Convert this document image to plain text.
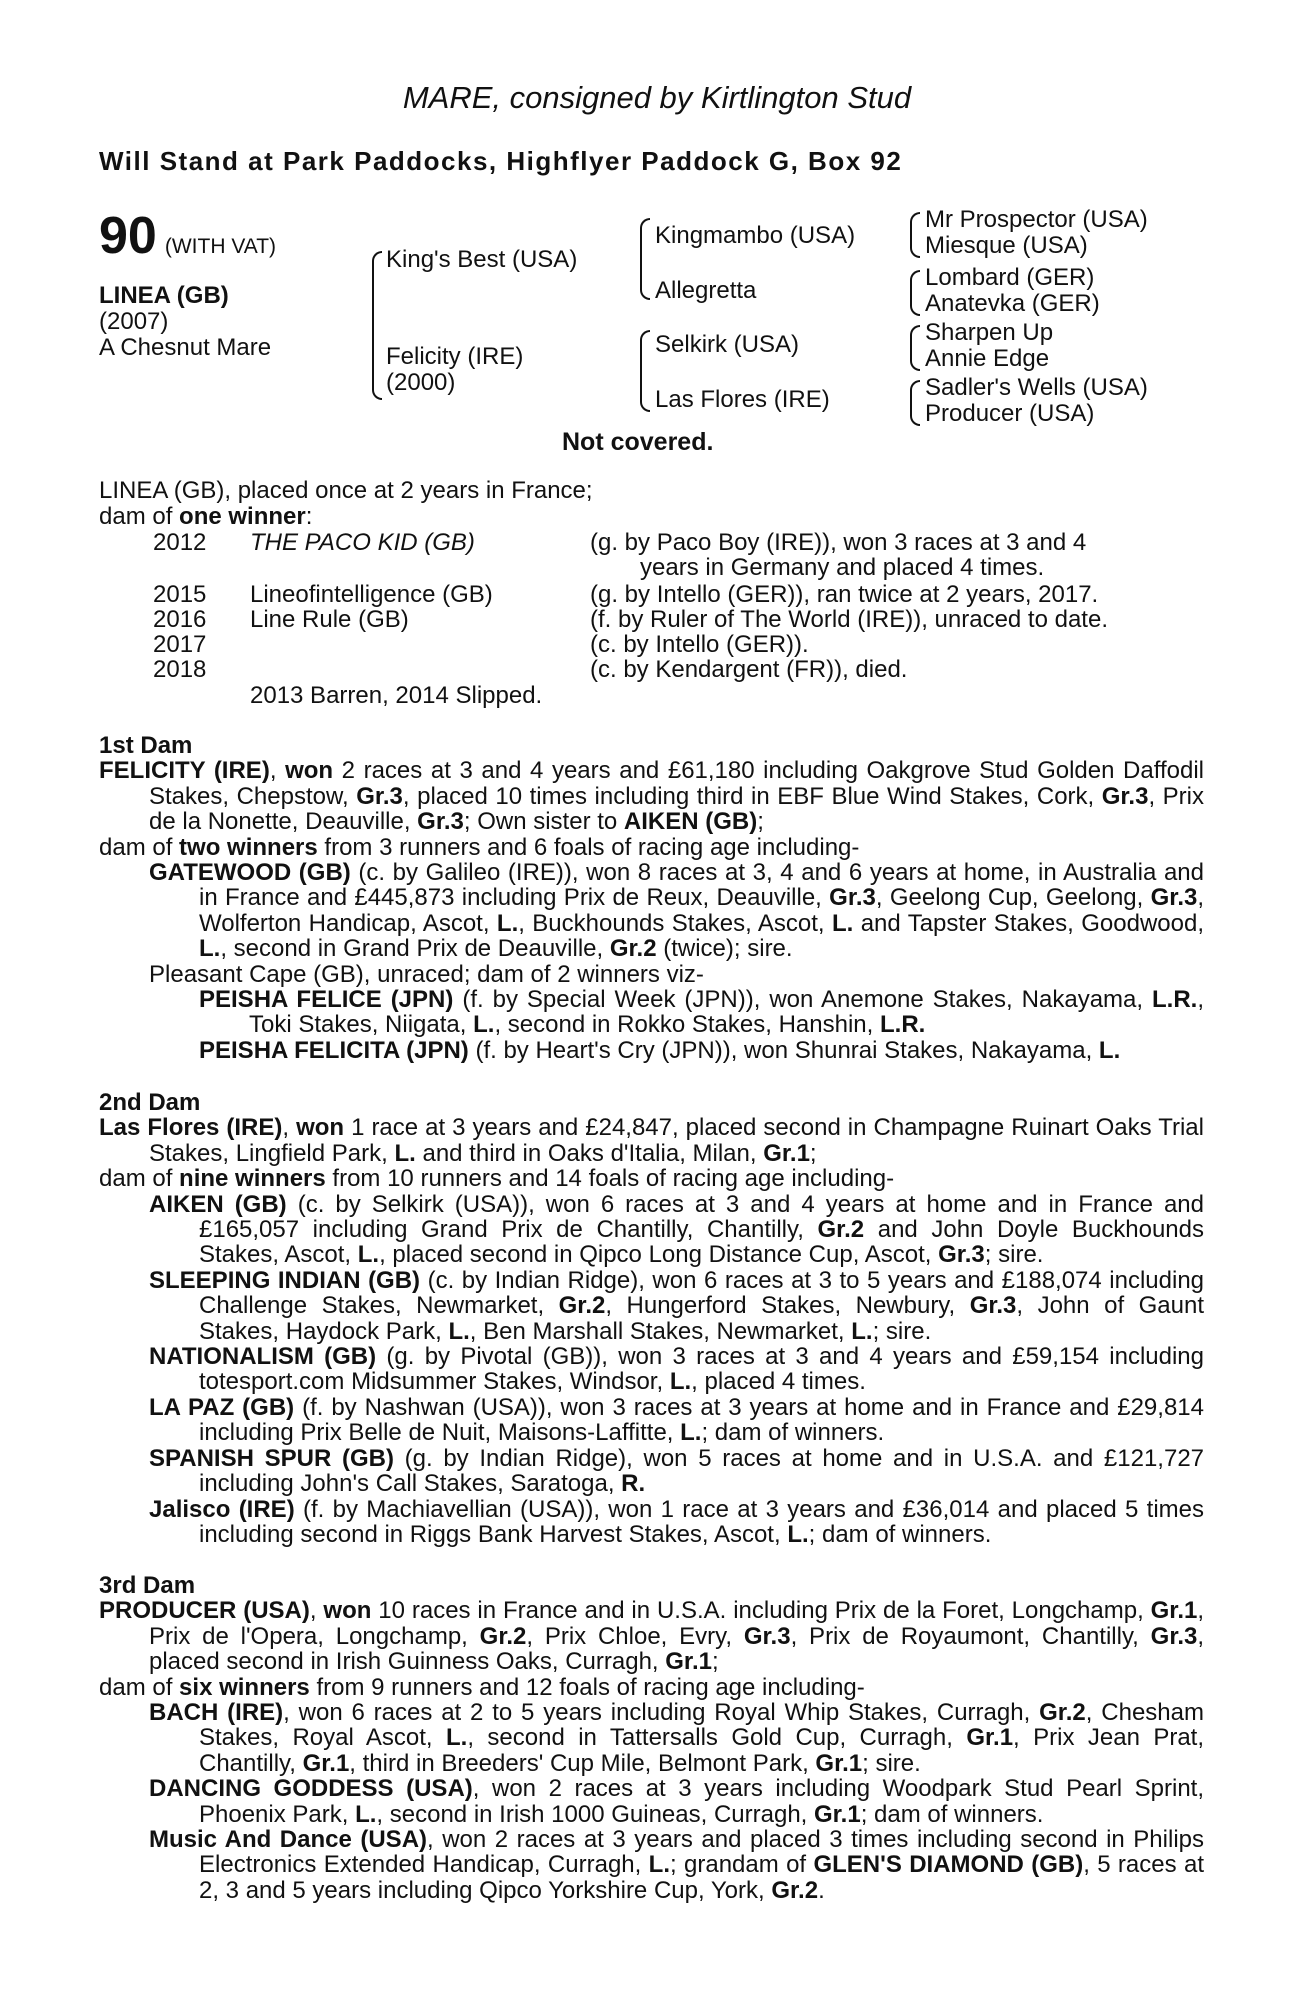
MARE, consigned by Kirtlington Stud
Will Stand at Park Paddocks, Highflyer Paddock G, Box 92
90 (WITH VAT)
LINEA (GB)
(2007)
A Chesnut Mare
King's Best (USA)
Felicity (IRE)
(2000)
Kingmambo (USA)
Allegretta
Selkirk (USA)
Las Flores (IRE)
Mr Prospector (USA)
Miesque (USA)
Lombard (GER)
Anatevka (GER)
Sharpen Up
Annie Edge
Sadler's Wells (USA)
Producer (USA)
Not covered.
LINEA (GB), placed once at 2 years in France;
dam of one winner:
2012 THE PACO KID (GB)	(g. by Paco Boy (IRE)), won 3 races at 3 and 4
years in Germany and placed 4 times.
2015 Lineofintelligence (GB)	(g. by Intello (GER)), ran twice at 2 years, 2017.
2016 Line Rule (GB)	(f. by Ruler of The World (IRE)), unraced to date.
2017	(c. by Intello (GER)).
2018	(c. by Kendargent (FR)), died.
2013 Barren, 2014 Slipped.

1st Dam

FELICITY (IRE), won 2 races at 3 and 4 years and £61,180 including Oakgrove Stud Golden Daffodil Stakes, Chepstow, Gr.3, placed 10 times including third in EBF Blue Wind Stakes, Cork, Gr.3, Prix de la Nonette, Deauville, Gr.3; Own sister to AIKEN (GB);

dam of two winners from 3 runners and 6 foals of racing age including-

GATEWOOD (GB) (c. by Galileo (IRE)), won 8 races at 3, 4 and 6 years at home, in Australia and in France and £445,873 including Prix de Reux, Deauville, Gr.3, Geelong Cup, Geelong, Gr.3, Wolferton Handicap, Ascot, L., Buckhounds Stakes, Ascot, L. and Tapster Stakes, Goodwood, L., second in Grand Prix de Deauville, Gr.2 (twice); sire.

Pleasant Cape (GB), unraced; dam of 2 winners viz-

PEISHA FELICE (JPN) (f. by Special Week (JPN)), won Anemone Stakes, Nakayama, L.R., Toki Stakes, Niigata, L., second in Rokko Stakes, Hanshin, L.R.

PEISHA FELICITA (JPN) (f. by Heart's Cry (JPN)), won Shunrai Stakes, Nakayama, L.

2nd Dam

Las Flores (IRE), won 1 race at 3 years and £24,847, placed second in Champagne Ruinart Oaks Trial Stakes, Lingfield Park, L. and third in Oaks d'Italia, Milan, Gr.1;

dam of nine winners from 10 runners and 14 foals of racing age including-

AIKEN (GB) (c. by Selkirk (USA)), won 6 races at 3 and 4 years at home and in France and £165,057 including Grand Prix de Chantilly, Chantilly, Gr.2 and John Doyle Buckhounds Stakes, Ascot, L., placed second in Qipco Long Distance Cup, Ascot, Gr.3; sire.

SLEEPING INDIAN (GB) (c. by Indian Ridge), won 6 races at 3 to 5 years and £188,074 including Challenge Stakes, Newmarket, Gr.2, Hungerford Stakes, Newbury, Gr.3, John of Gaunt Stakes, Haydock Park, L., Ben Marshall Stakes, Newmarket, L.; sire.

NATIONALISM (GB) (g. by Pivotal (GB)), won 3 races at 3 and 4 years and £59,154 including totesport.com Midsummer Stakes, Windsor, L., placed 4 times.

LA PAZ (GB) (f. by Nashwan (USA)), won 3 races at 3 years at home and in France and £29,814 including Prix Belle de Nuit, Maisons-Laffitte, L.; dam of winners.

SPANISH SPUR (GB) (g. by Indian Ridge), won 5 races at home and in U.S.A. and £121,727 including John's Call Stakes, Saratoga, R.

Jalisco (IRE) (f. by Machiavellian (USA)), won 1 race at 3 years and £36,014 and placed 5 times including second in Riggs Bank Harvest Stakes, Ascot, L.; dam of winners.

3rd Dam

PRODUCER (USA), won 10 races in France and in U.S.A. including Prix de la Foret, Longchamp, Gr.1, Prix de l'Opera, Longchamp, Gr.2, Prix Chloe, Evry, Gr.3, Prix de Royaumont, Chantilly, Gr.3, placed second in Irish Guinness Oaks, Curragh, Gr.1;

dam of six winners from 9 runners and 12 foals of racing age including-

BACH (IRE), won 6 races at 2 to 5 years including Royal Whip Stakes, Curragh, Gr.2, Chesham Stakes, Royal Ascot, L., second in Tattersalls Gold Cup, Curragh, Gr.1, Prix Jean Prat, Chantilly, Gr.1, third in Breeders' Cup Mile, Belmont Park, Gr.1; sire.

DANCING GODDESS (USA), won 2 races at 3 years including Woodpark Stud Pearl Sprint, Phoenix Park, L., second in Irish 1000 Guineas, Curragh, Gr.1; dam of winners.

Music And Dance (USA), won 2 races at 3 years and placed 3 times including second in Philips Electronics Extended Handicap, Curragh, L.; grandam of GLEN'S DIAMOND (GB), 5 races at 2, 3 and 5 years including Qipco Yorkshire Cup, York, Gr.2.
